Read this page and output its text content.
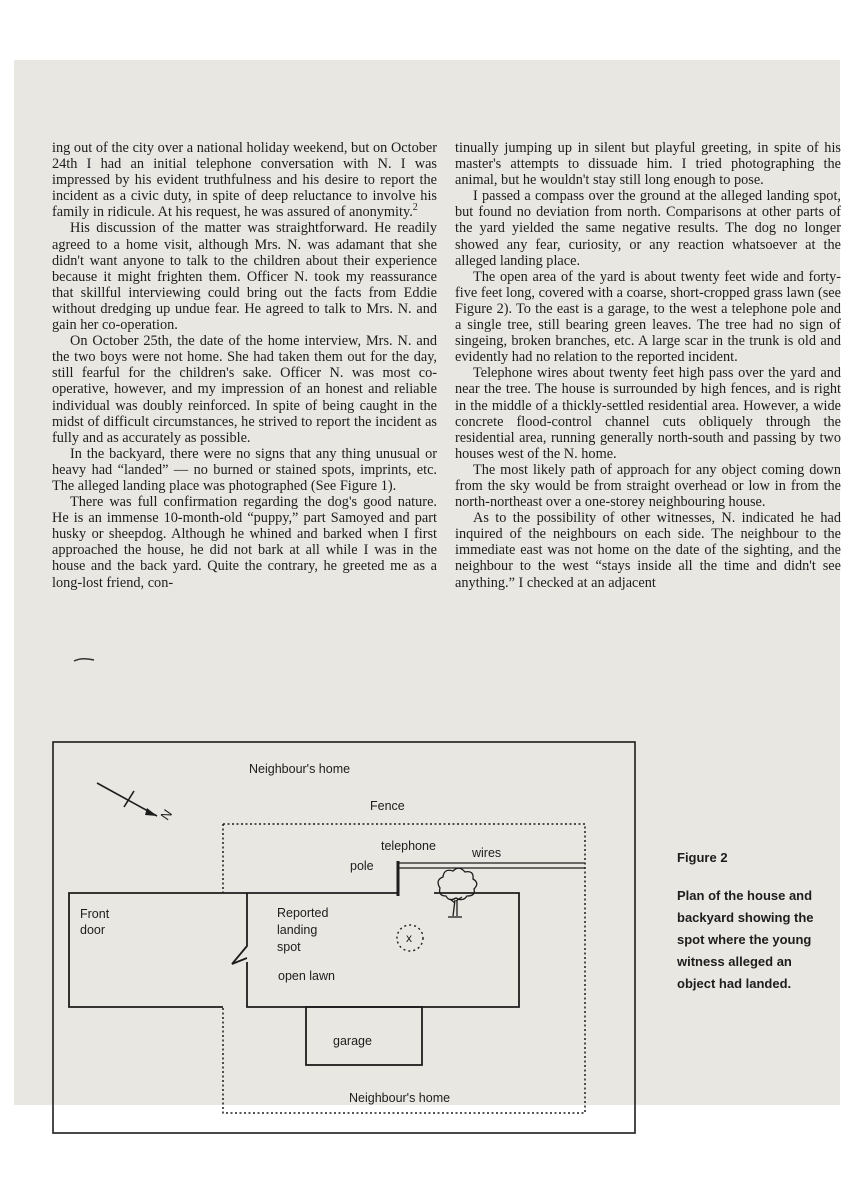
ing out of the city over a national holiday weekend, but on October 24th I had an initial telephone conversation with N. I was impressed by his evident truthfulness and his desire to report the incident as a civic duty, in spite of deep reluctance to involve his family in ridicule. At his request, he was assured of anonymity.$^2$

His discussion of the matter was straightforward. He readily agreed to a home visit, although Mrs. N. was adamant that she didn't want anyone to talk to the children about their experience because it might frighten them. Officer N. took my reassurance that skillful interviewing could bring out the facts from Eddie without dredging up undue fear. He agreed to talk to Mrs. N. and gain her co-operation.

On October 25th, the date of the home interview, Mrs. N. and the two boys were not home. She had taken them out for the day, still fearful for the children's sake. Officer N. was most co-operative, however, and my impression of an honest and reliable individual was doubly reinforced. In spite of being caught in the midst of difficult circumstances, he strived to report the incident as fully and as accurately as possible.

In the backyard, there were no signs that any thing unusual or heavy had “landed” — no burned or stained spots, imprints, etc. The alleged landing place was photographed (See Figure 1).

There was full confirmation regarding the dog's good nature. He is an immense 10-month-old “puppy,” part Samoyed and part husky or sheepdog. Although he whined and barked when I first approached the house, he did not bark at all while I was in the house and the back yard. Quite the contrary, he greeted me as a long-lost friend, con-

tinually jumping up in silent but playful greeting, in spite of his master's attempts to dissuade him. I tried photographing the animal, but he wouldn't stay still long enough to pose.

I passed a compass over the ground at the alleged landing spot, but found no deviation from north. Comparisons at other parts of the yard yielded the same negative results. The dog no longer showed any fear, curiosity, or any reaction whatsoever at the alleged landing place.

The open area of the yard is about twenty feet wide and forty-five feet long, covered with a coarse, short-cropped grass lawn (see Figure 2). To the east is a garage, to the west a telephone pole and a single tree, still bearing green leaves. The tree had no sign of singeing, broken branches, etc. A large scar in the trunk is old and evidently had no relation to the reported incident.

Telephone wires about twenty feet high pass over the yard and near the tree. The house is surrounded by high fences, and is right in the middle of a thickly-settled residential area. However, a wide concrete flood-control channel cuts obliquely through the residential area, running generally north-south and passing by two houses west of the N. home.

The most likely path of approach for any object coming down from the sky would be from straight overhead or low in from the north-northeast over a one-storey neighbouring house.

As to the possibility of other witnesses, N. indicated he had inquired of the neighbours on each side. The neighbour to the immediate east was not home on the date of the sighting, and the neighbour to the west “stays inside all the time and didn't see anything.” I checked at an adjacent

Neighbour's home
Fence
telephone
pole
wires
Front
door
Reported
landing
spot
open lawn
garage
Neighbour's home
x
N
Figure 2
Plan of the house and backyard showing the spot where the young witness alleged an object had landed.
